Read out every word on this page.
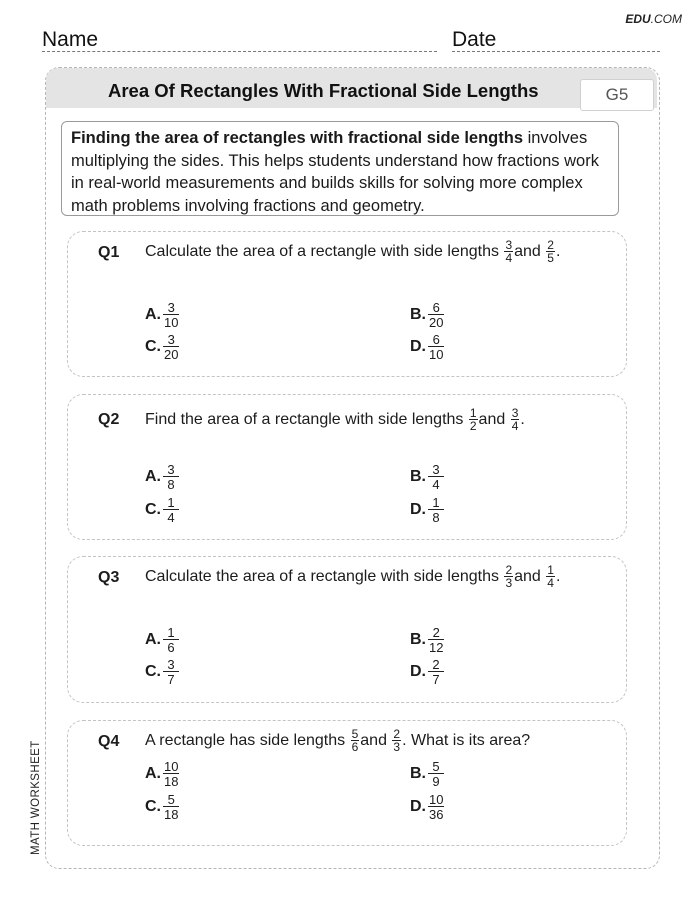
EDU.COM
Name	Date
MATH WORKSHEET
Area Of Rectangles With Fractional Side Lengths	G5
Finding the area of rectangles with fractional side lengths involves multiplying the sides. This helps students understand how fractions work in real-world measurements and builds skills for solving more complex math problems involving fractions and geometry.
Q1 Calculate the area of a rectangle with side lengths $\frac{3}{4}$ and $\frac{2}{5}$ .
A. $\frac{3}{10}$	B. $\frac{6}{20}$
C. $\frac{3}{20}$	D. $\frac{6}{10}$
Q2 Find the area of a rectangle with side lengths $\frac{1}{2}$ and $\frac{3}{4}$ .
A. $\frac{3}{8}$	B. $\frac{3}{4}$
C. $\frac{1}{4}$	D. $\frac{1}{8}$
Q3 Calculate the area of a rectangle with side lengths $\frac{2}{3}$ and $\frac{1}{4}$ .
A. $\frac{1}{6}$	B. $\frac{2}{12}$
C. $\frac{3}{7}$	D. $\frac{2}{7}$
Q4 A rectangle has side lengths $\frac{5}{6}$ and $\frac{2}{3}$ . What is its area?
A. $\frac{10}{18}$	B. $\frac{5}{9}$
C. $\frac{5}{18}$	D. $\frac{10}{36}$
